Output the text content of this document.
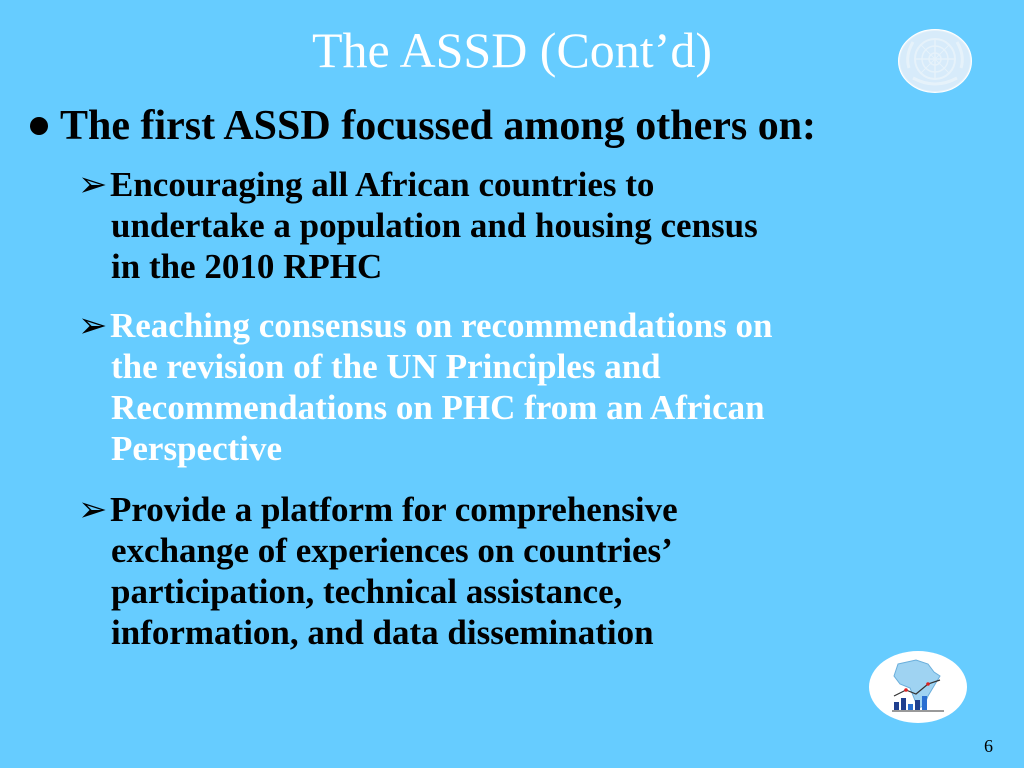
The ASSD (Cont’d)
The first ASSD focussed among others on:
➢Encouraging all African countries to
undertake a population and housing census
in the 2010 RPHC
➢Reaching consensus on recommendations on
the revision of the UN Principles and
Recommendations on PHC from an African
Perspective
➢Provide a platform for comprehensive
exchange of experiences on countries’
participation, technical assistance,
information, and data dissemination
6
